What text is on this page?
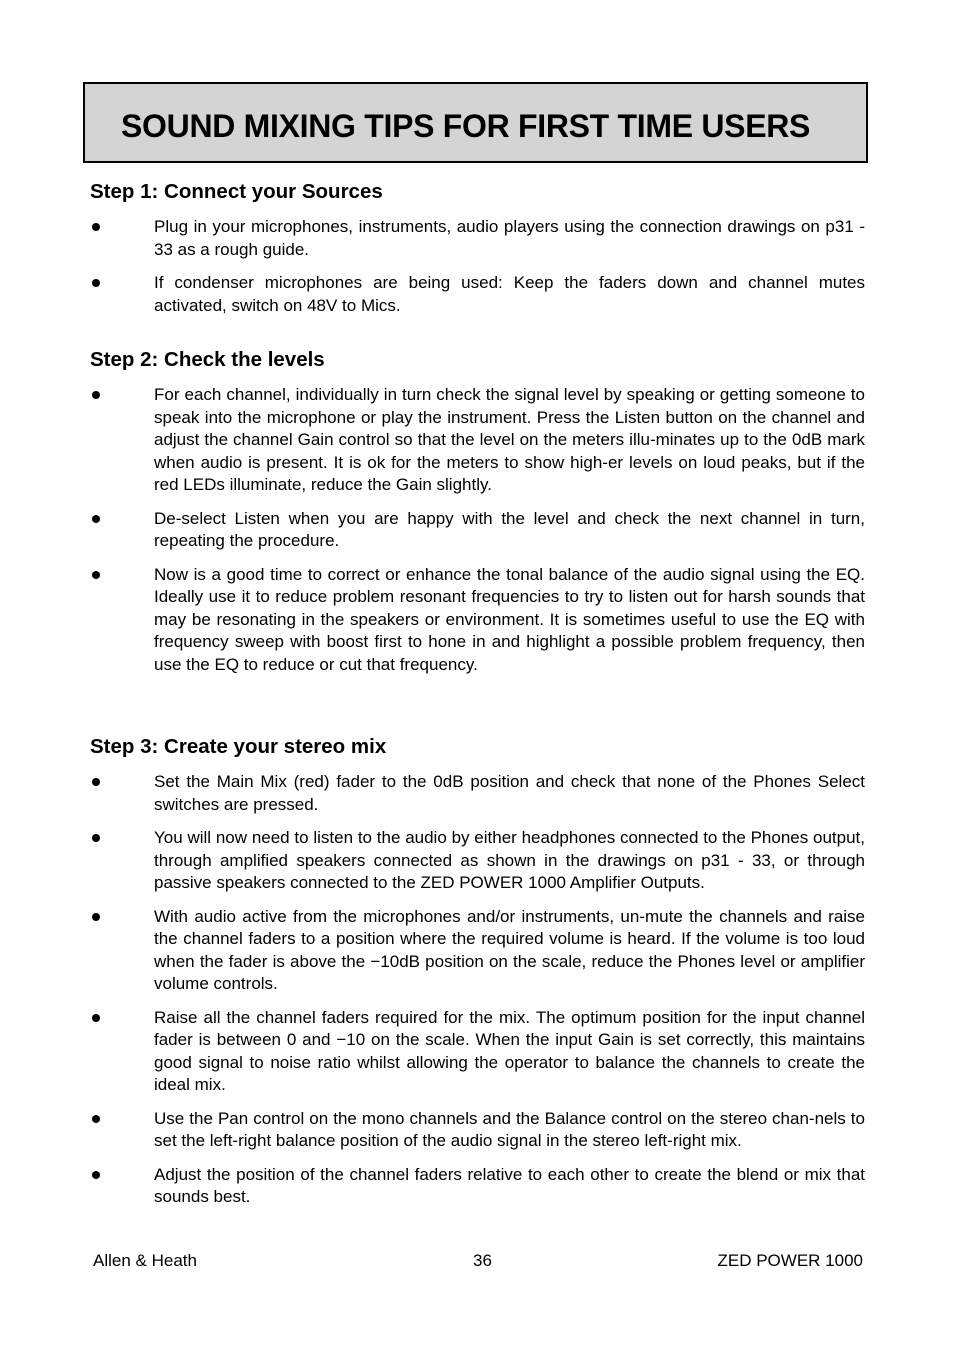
SOUND MIXING TIPS FOR FIRST TIME USERS
Step 1: Connect your Sources
Plug in your microphones, instruments, audio players using the connection drawings on p31 - 33 as a rough guide.
If condenser microphones are being used: Keep the faders down and channel mutes activated, switch on 48V to Mics.
Step 2: Check the levels
For each channel, individually in turn check the signal level by speaking or getting someone to speak into the microphone or play the instrument. Press the Listen button on the channel and adjust the channel Gain control so that the level on the meters illu-minates up to the 0dB mark when audio is present. It is ok for the meters to show high-er levels on loud peaks, but if the red LEDs illuminate, reduce the Gain slightly.
De-select Listen when you are happy with the level and check the next channel in turn, repeating the procedure.
Now is a good time to correct or enhance the tonal balance of the audio signal using the EQ. Ideally use it to reduce problem resonant frequencies to try to listen out for harsh sounds that may be resonating in the speakers or environment. It is sometimes useful to use the EQ with frequency sweep with boost first to hone in and highlight a possible problem frequency, then use the EQ to reduce or cut that frequency.
Step 3: Create your stereo mix
Set the Main Mix (red) fader to the 0dB position and check that none of the Phones Select switches are pressed.
You will now need to listen to the audio by either headphones connected to the Phones output, through amplified speakers connected as shown in the drawings on p31 - 33, or through passive speakers connected to the ZED POWER 1000 Amplifier Outputs.
With audio active from the microphones and/or instruments, un-mute the channels and raise the channel faders to a position where the required volume is heard. If the volume is too loud when the fader is above the −10dB position on the scale, reduce the Phones level or amplifier volume controls.
Raise all the channel faders required for the mix. The optimum position for the input channel fader is between 0 and −10 on the scale. When the input Gain is set correctly, this maintains good signal to noise ratio whilst allowing the operator to balance the channels to create the ideal mix.
Use the Pan control on the mono channels and the Balance control on the stereo chan-nels to set the left-right balance position of the audio signal in the stereo left-right mix.
Adjust the position of the channel faders relative to each other to create the blend or mix that sounds best.
Allen & Heath	36	ZED POWER 1000
